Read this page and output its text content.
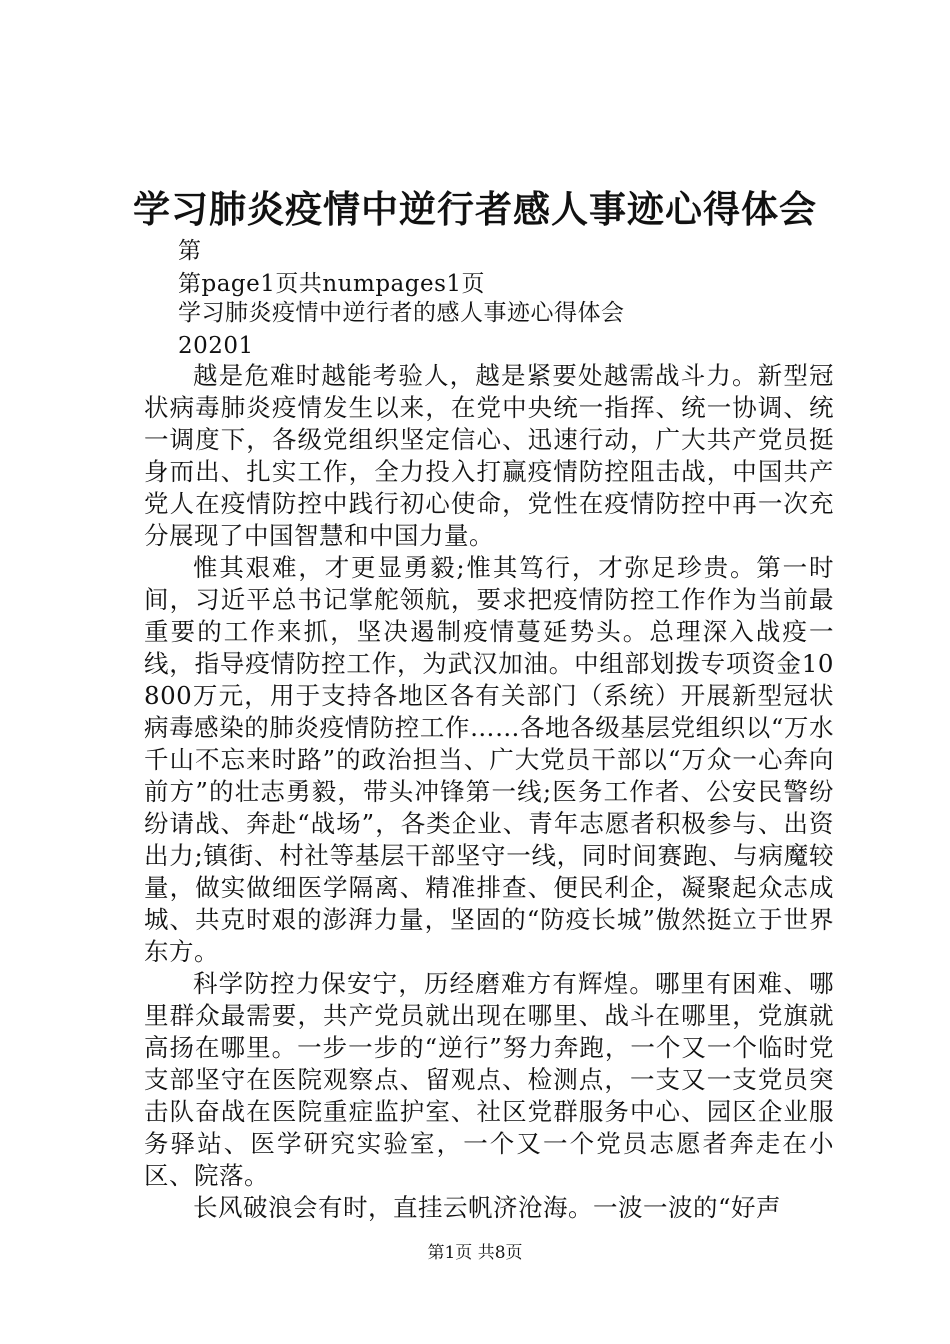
学习肺炎疫情中逆行者感人事迹心得体会
第
第page1页共numpages1页
学习肺炎疫情中逆行者的感人事迹心得体会
20201

越是危难时越能考验人，越是紧要处越需战斗力。新型冠状病毒肺炎疫情发生以来，在党中央统一指挥、统一协调、统一调度下，各级党组织坚定信心、迅速行动，广大共产党员挺身而出、扎实工作，全力投入打赢疫情防控阻击战，中国共产党人在疫情防控中践行初心使命，党性在疫情防控中再一次充分展现了中国智慧和中国力量。

惟其艰难，才更显勇毅;惟其笃行，才弥足珍贵。第一时间，习近平总书记掌舵领航，要求把疫情防控工作作为当前最重要的工作来抓，坚决遏制疫情蔓延势头。总理深入战疫一线，指导疫情防控工作，为武汉加油。中组部划拨专项资金10800万元，用于支持各地区各有关部门（系统）开展新型冠状病毒感染的肺炎疫情防控工作……各地各级基层党组织以“万水千山不忘来时路”的政治担当、广大党员干部以“万众一心奔向前方”的壮志勇毅，带头冲锋第一线;医务工作者、公安民警纷纷请战、奔赴“战场”，各类企业、青年志愿者积极参与、出资出力;镇街、村社等基层干部坚守一线，同时间赛跑、与病魔较量，做实做细医学隔离、精准排查、便民利企，凝聚起众志成城、共克时艰的澎湃力量，坚固的“防疫长城”傲然挺立于世界东方。

科学防控力保安宁，历经磨难方有辉煌。哪里有困难、哪里群众最需要，共产党员就出现在哪里、战斗在哪里，党旗就高扬在哪里。一步一步的“逆行”努力奔跑，一个又一个临时党支部坚守在医院观察点、留观点、检测点，一支又一支党员突击队奋战在医院重症监护室、社区党群服务中心、园区企业服务驿站、医学研究实验室，一个又一个党员志愿者奔走在小区、院落。

长风破浪会有时，直挂云帆济沧海。一波一波的“好声

第1页 共8页
